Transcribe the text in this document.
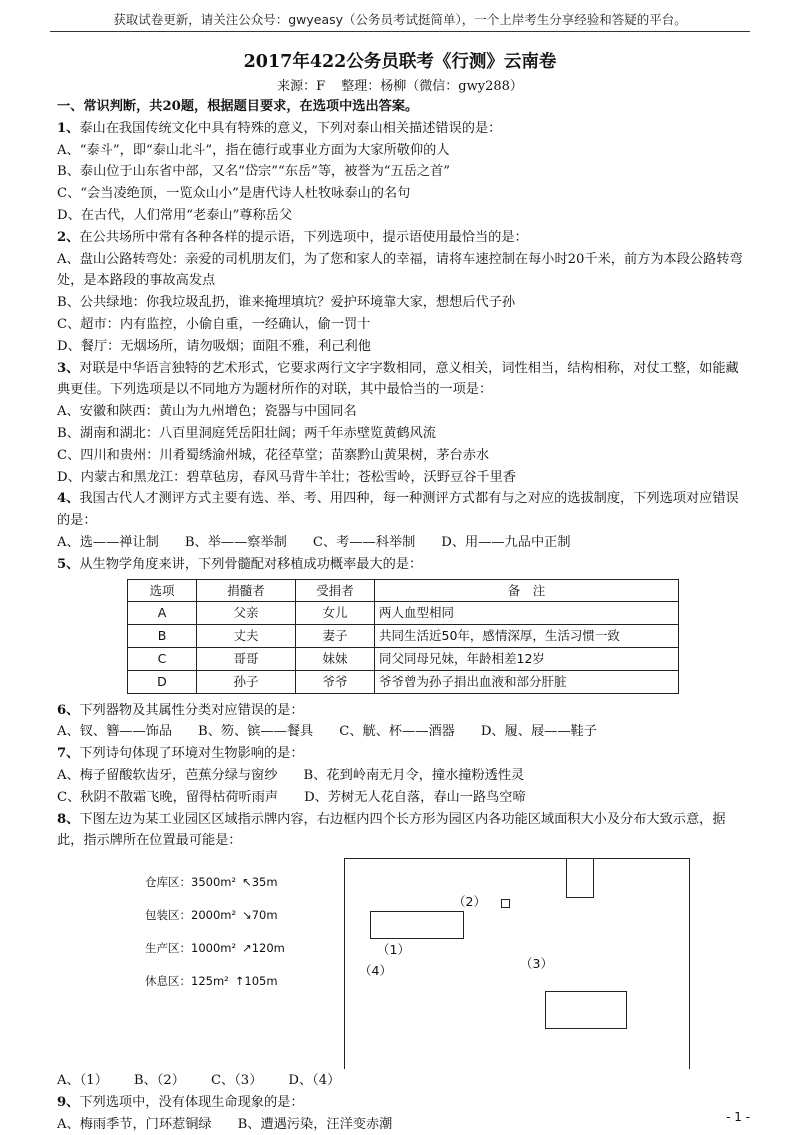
获取试卷更新，请关注公众号：gwyeasy（公务员考试挺简单），一个上岸考生分享经验和答疑的平台。
2017年422公务员联考《行测》云南卷
来源：F 整理：杨柳（微信：gwy288）

一、常识判断，共20题，根据题目要求，在选项中选出答案。

1、泰山在我国传统文化中具有特殊的意义，下列对泰山相关描述错误的是：

A、“泰斗”，即“泰山北斗”，指在德行或事业方面为大家所敬仰的人

B、泰山位于山东省中部，又名“岱宗”“东岳”等，被誉为“五岳之首”

C、“会当凌绝顶，一览众山小”是唐代诗人杜牧咏泰山的名句

D、在古代，人们常用“老泰山”尊称岳父

2、在公共场所中常有各种各样的提示语，下列选项中，提示语使用最恰当的是：

A、盘山公路转弯处：亲爱的司机朋友们，为了您和家人的幸福，请将车速控制在每小时20千米，前方为本段公路转弯处，是本路段的事故高发点

B、公共绿地：你我垃圾乱扔，谁来掩埋填坑？爱护环境靠大家，想想后代子孙

C、超市：内有监控，小偷自重，一经确认，偷一罚十

D、餐厅：无烟场所，请勿吸烟；面阻不雅，利己利他

3、对联是中华语言独特的艺术形式，它要求两行文字字数相同，意义相关，词性相当，结构相称，对仗工整，如能藏典更佳。下列选项是以不同地方为题材所作的对联，其中最恰当的一项是：

A、安徽和陕西：黄山为九州增色；瓷器与中国同名

B、湖南和湖北：八百里洞庭凭岳阳壮阔；两千年赤壁览黄鹤风流

C、四川和贵州：川肴蜀绣渝州城，花径草堂；苗寨黔山黄果树，茅台赤水

D、内蒙古和黑龙江：碧草毡房，春风马背牛羊壮；苍松雪岭，沃野豆谷千里香

4、我国古代人才测评方式主要有选、举、考、用四种，每一种测评方式都有与之对应的选拔制度，下列选项对应错误的是：

A、选——禅让制 B、举——察举制 C、考——科举制 D、用——九品中正制

5、从生物学角度来讲，下列骨髓配对移植成功概率最大的是：

选项	捐髓者	受捐者	备　注
A	父亲	女儿	两人血型相同
B	丈夫	妻子	共同生活近50年，感情深厚，生活习惯一致
C	哥哥	妹妹	同父同母兄妹，年龄相差12岁
D	孙子	爷爷	爷爷曾为孙子捐出血液和部分肝脏

6、下列器物及其属性分类对应错误的是：

A、钗、簪——饰品 B、笏、镔——餐具 C、觥、杯——酒器 D、履、屐——鞋子

7、下列诗句体现了环境对生物影响的是：

A、梅子留酸软齿牙，芭蕉分绿与窗纱 B、花到岭南无月令，撞水撞粉透性灵

C、秋阴不散霜飞晚，留得枯荷听雨声 D、芳树无人花自落，春山一路鸟空啼

8、下图左边为某工业园区区域指示牌内容，右边框内四个长方形为园区内各功能区域面积大小及分布大致示意，据此，指示牌所在位置最可能是：

仓库区：3500m² ↖35m
包装区：2000m² ↘70m
生产区：1000m² ↗120m
休息区：125m² ↑105m
（1）
（2）
（3）
（4）

A、（1） B、（2） C、（3） D、（4）

9、下列选项中，没有体现生命现象的是：

A、梅雨季节，门环惹铜绿 B、遭遇污染，汪洋变赤潮	- 1 -
